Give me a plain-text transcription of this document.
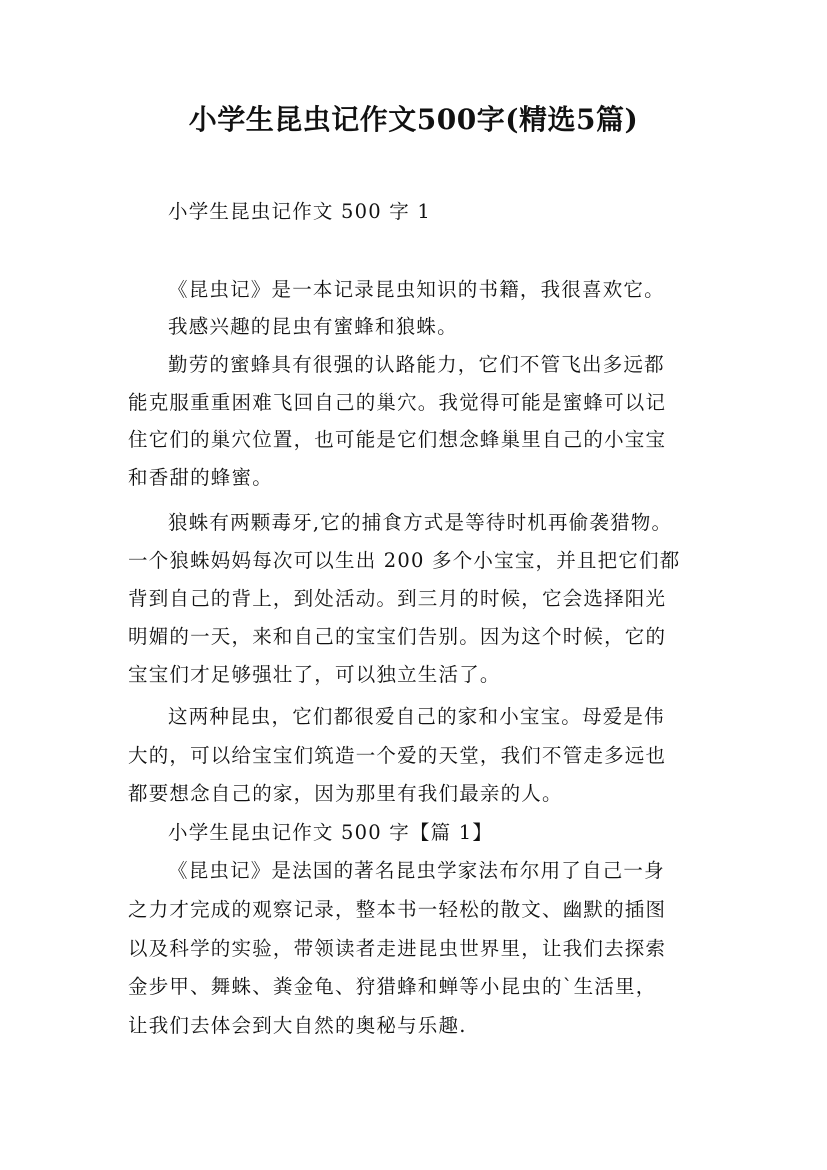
小学生昆虫记作文500字(精选5篇)
小学生昆虫记作文 500 字 1
《昆虫记》是一本记录昆虫知识的书籍，我很喜欢它。
我感兴趣的昆虫有蜜蜂和狼蛛。
勤劳的蜜蜂具有很强的认路能力，它们不管飞出多远都
能克服重重困难飞回自己的巢穴。我觉得可能是蜜蜂可以记
住它们的巢穴位置，也可能是它们想念蜂巢里自己的小宝宝
和香甜的蜂蜜。
狼蛛有两颗毒牙,它的捕食方式是等待时机再偷袭猎物。
一个狼蛛妈妈每次可以生出 200 多个小宝宝，并且把它们都
背到自己的背上，到处活动。到三月的时候，它会选择阳光
明媚的一天，来和自己的宝宝们告别。因为这个时候，它的
宝宝们才足够强壮了，可以独立生活了。
这两种昆虫，它们都很爱自己的家和小宝宝。母爱是伟
大的，可以给宝宝们筑造一个爱的天堂，我们不管走多远也
都要想念自己的家，因为那里有我们最亲的人。
小学生昆虫记作文 500 字【篇 1】
《昆虫记》是法国的著名昆虫学家法布尔用了自己一身
之力才完成的观察记录，整本书一轻松的散文、幽默的插图
以及科学的实验，带领读者走进昆虫世界里，让我们去探索
金步甲、舞蛛、粪金龟、狩猎蜂和蝉等小昆虫的`生活里，
让我们去体会到大自然的奥秘与乐趣.
